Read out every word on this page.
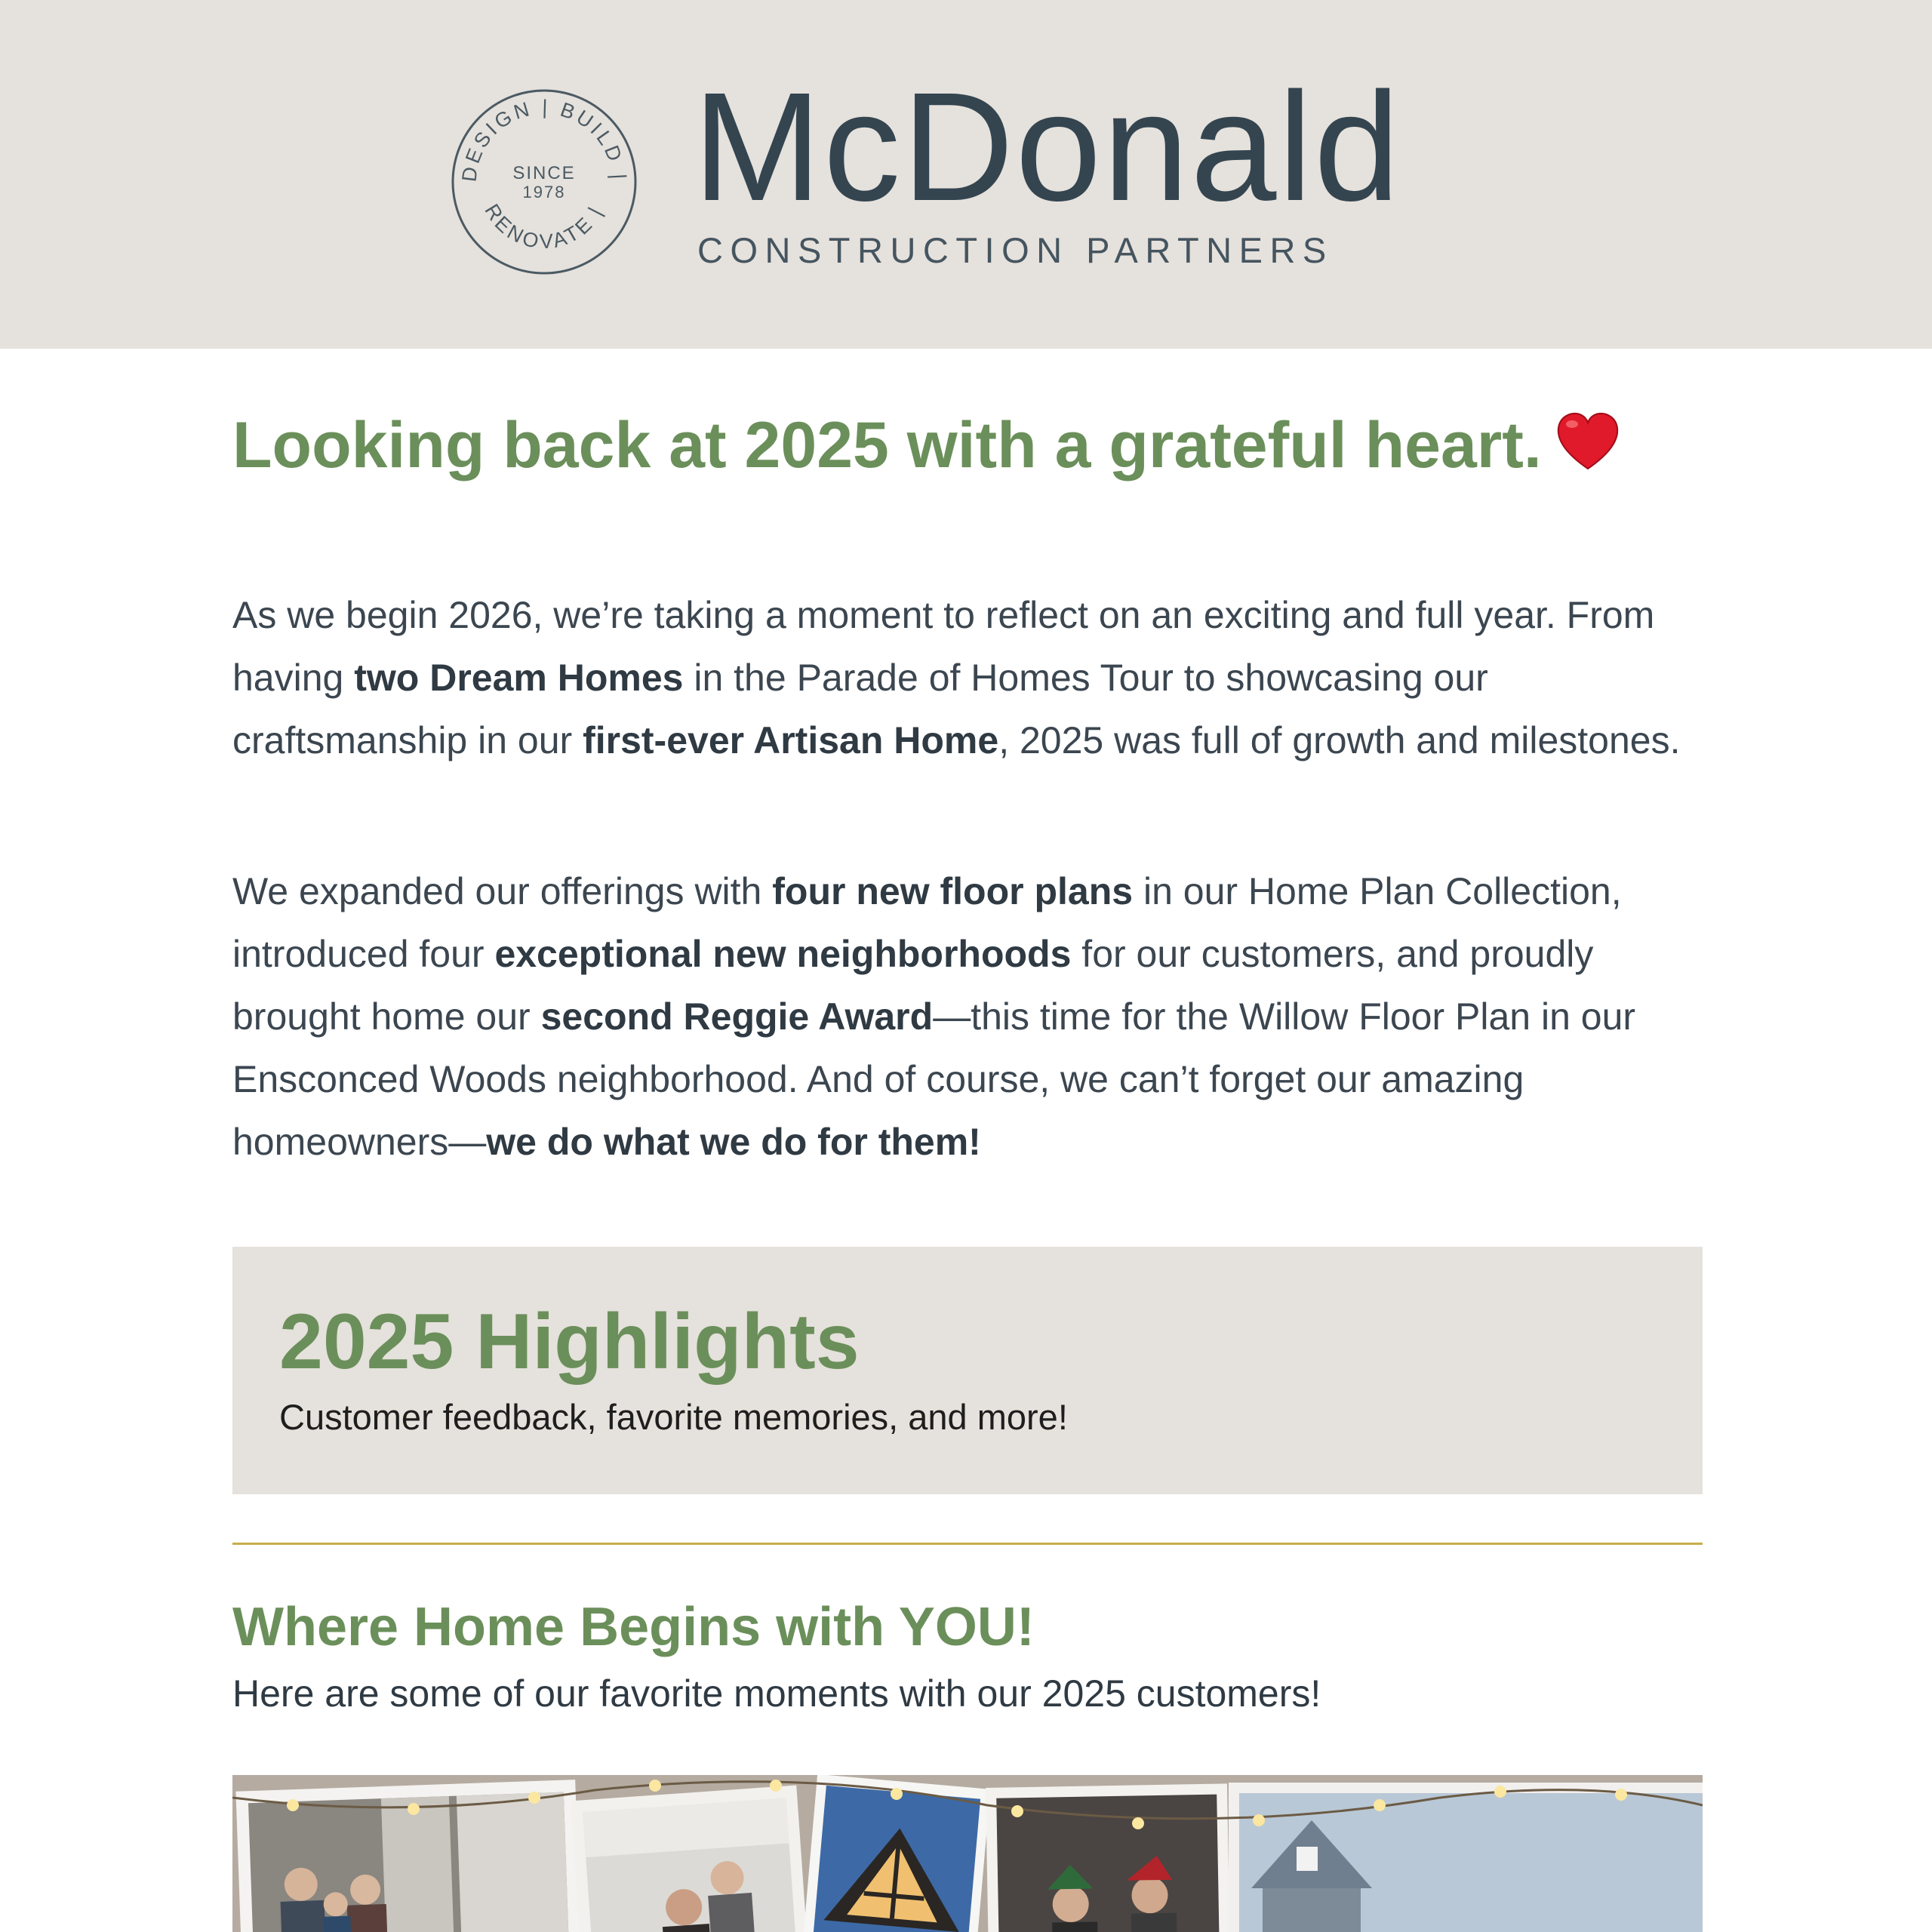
DESIGN | BUILD |
RENOVATE |
SINCE
1978 McDonald
CONSTRUCTION PARTNERS
Looking back at 2025 with a grateful heart.

As we begin 2026, we’re taking a moment to reflect on an exciting and full year. From having two Dream Homes in the Parade of Homes Tour to showcasing our craftsmanship in our first-ever Artisan Home, 2025 was full of growth and milestones.

We expanded our offerings with four new floor plans in our Home Plan Collection, introduced four exceptional new neighborhoods for our customers, and proudly brought home our second Reggie Award—this time for the Willow Floor Plan in our Ensconced Woods neighborhood. And of course, we can’t forget our amazing homeowners—we do what we do for them!

2025 Highlights
Customer feedback, favorite memories, and more!
Where Home Begins with YOU!
Here are some of our favorite moments with our 2025 customers!
